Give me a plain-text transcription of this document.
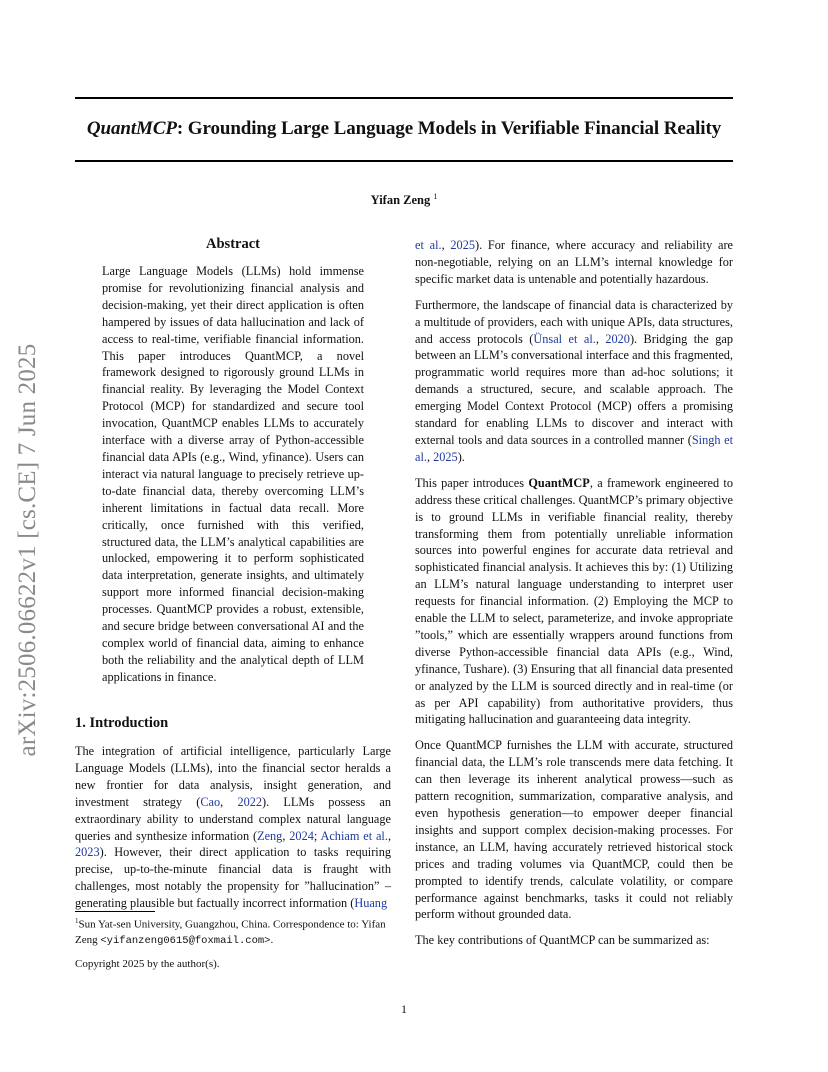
QuantMCP: Grounding Large Language Models in Verifiable Financial Reality
Yifan Zeng $^1$
arXiv:2506.06622v1 [cs.CE] 7 Jun 2025
Abstract
Large Language Models (LLMs) hold immense promise for revolutionizing financial analysis and decision-making, yet their direct application is often hampered by issues of data hallucination and lack of access to real-time, verifiable financial information. This paper introduces QuantMCP, a novel framework designed to rigorously ground LLMs in financial reality. By leveraging the Model Context Protocol (MCP) for standardized and secure tool invocation, QuantMCP enables LLMs to accurately interface with a diverse array of Python-accessible financial data APIs (e.g., Wind, yfinance). Users can interact via natural language to precisely retrieve up-to-date financial data, thereby overcoming LLM’s inherent limitations in factual data recall. More critically, once furnished with this verified, structured data, the LLM’s analytical capabilities are unlocked, empowering it to perform sophisticated data interpretation, generate insights, and ultimately support more informed financial decision-making processes. QuantMCP provides a robust, extensible, and secure bridge between conversational AI and the complex world of financial data, aiming to enhance both the reliability and the analytical depth of LLM applications in finance.
1. Introduction

The integration of artificial intelligence, particularly Large Language Models (LLMs), into the financial sector heralds a new frontier for data analysis, insight generation, and investment strategy (Cao, 2022). LLMs possess an extraordinary ability to understand complex natural language queries and synthesize information (Zeng, 2024; Achiam et al., 2023). However, their direct application to tasks requiring precise, up-to-the-minute financial data is fraught with challenges, most notably the propensity for ”hallucination” – generating plausible but factually incorrect information (Huang

$^1$Sun Yat-sen University, Guangzhou, China. Correspondence to: Yifan Zeng <yifanzeng0615@foxmail.com>.
Copyright 2025 by the author(s).

et al., 2025). For finance, where accuracy and reliability are non-negotiable, relying on an LLM’s internal knowledge for specific market data is untenable and potentially hazardous.

Furthermore, the landscape of financial data is characterized by a multitude of providers, each with unique APIs, data structures, and access protocols (Ünsal et al., 2020). Bridging the gap between an LLM’s conversational interface and this fragmented, programmatic world requires more than ad-hoc solutions; it demands a structured, secure, and scalable approach. The emerging Model Context Protocol (MCP) offers a promising standard for enabling LLMs to discover and interact with external tools and data sources in a controlled manner (Singh et al., 2025).

This paper introduces QuantMCP, a framework engineered to address these critical challenges. QuantMCP’s primary objective is to ground LLMs in verifiable financial reality, thereby transforming them from potentially unreliable information sources into powerful engines for accurate data retrieval and sophisticated financial analysis. It achieves this by: (1) Utilizing an LLM’s natural language understanding to interpret user requests for financial information. (2) Employing the MCP to enable the LLM to select, parameterize, and invoke appropriate ”tools,” which are essentially wrappers around functions from diverse Python-accessible financial data APIs (e.g., Wind, yfinance, Tushare). (3) Ensuring that all financial data presented or analyzed by the LLM is sourced directly and in real-time (or as per API capability) from authoritative providers, thus mitigating hallucination and guaranteeing data integrity.

Once QuantMCP furnishes the LLM with accurate, structured financial data, the LLM’s role transcends mere data fetching. It can then leverage its inherent analytical prowess—such as pattern recognition, summarization, comparative analysis, and even hypothesis generation—to empower deeper financial insights and support complex decision-making processes. For instance, an LLM, having accurately retrieved historical stock prices and trading volumes via QuantMCP, could then be prompted to identify trends, calculate volatility, or compare performance against benchmarks, tasks it could not reliably perform without grounded data.

The key contributions of QuantMCP can be summarized as:

1
